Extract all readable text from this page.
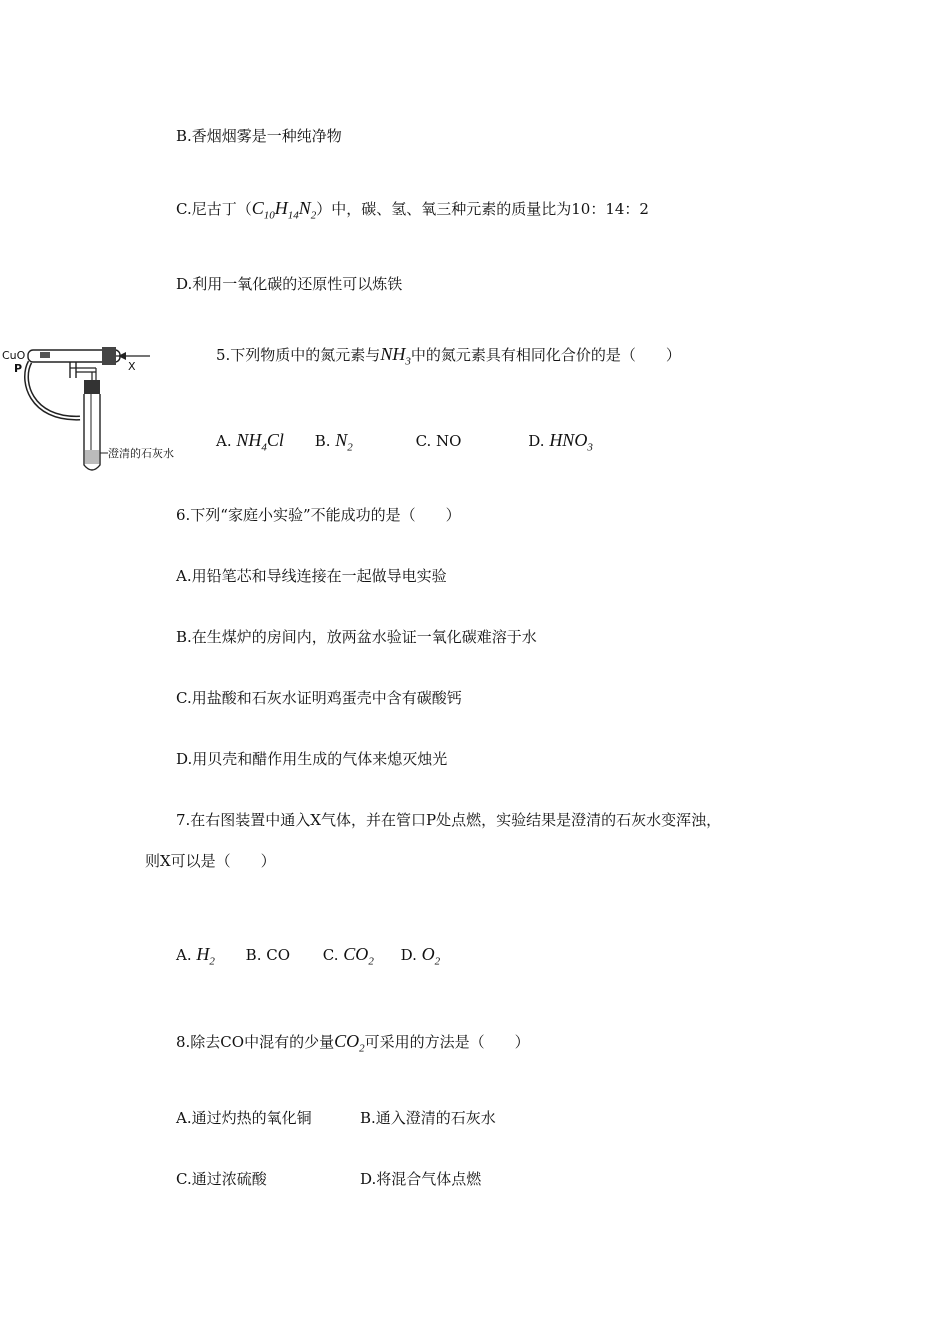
B.香烟烟雾是一种纯净物
C.尼古丁$(C_{10}H_{14}N_2)$中，碳、氢、氧三种元素的质量比为10：14：2
D.利用一氧化碳的还原性可以炼铁
CuO
P	X
澄清的石灰水
5.下列物质中的氮元素与$NH_3$中的氮元素具有相同化合价的是（　　）
A. $NH_4Cl$ B. $N_2$	C. NO	D. $HNO_3$
6.下列“家庭小实验”不能成功的是（　　）
A.用铅笔芯和导线连接在一起做导电实验
B.在生煤炉的房间内，放两盆水验证一氧化碳难溶于水
C.用盐酸和石灰水证明鸡蛋壳中含有碳酸钙
D.用贝壳和醋作用生成的气体来熄灭烛光
7.在右图装置中通入X气体，并在管口P处点燃，实验结果是澄清的石灰水变浑浊，
则X可以是（　　）
A. $H_2$ B. CO C. $CO_2$ D. $O_2$
8.除去CO中混有的少量$CO_2$可采用的方法是（　　）
A.通过灼热的氧化铜	B.通入澄清的石灰水
C.通过浓硫酸	D.将混合气体点燃
